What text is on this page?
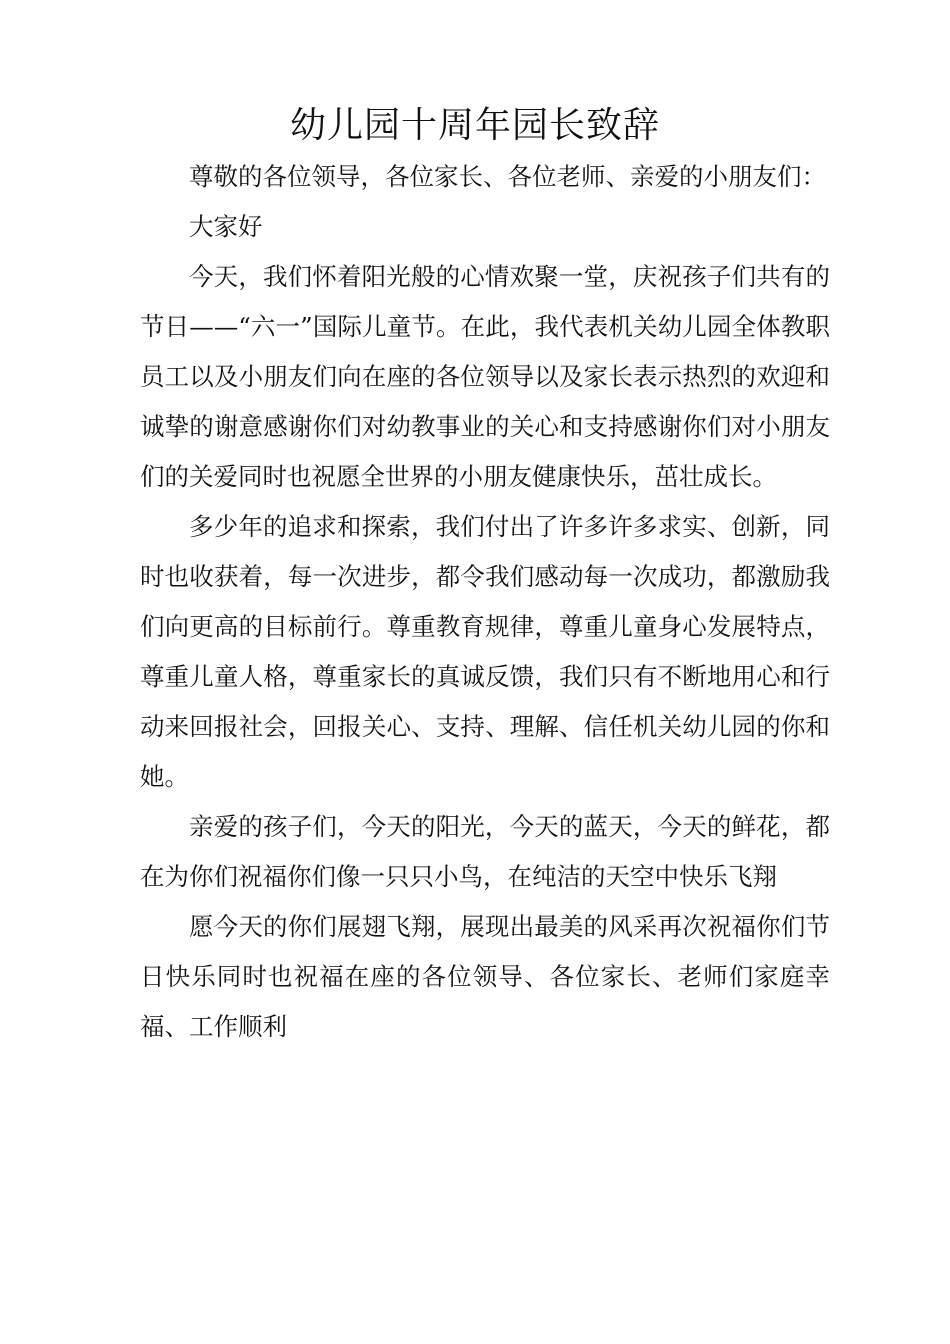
幼儿园十周年园长致辞

尊敬的各位领导，各位家长、各位老师、亲爱的小朋友们：

大家好

今天，我们怀着阳光般的心情欢聚一堂，庆祝孩子们共有的节日——“六一”国际儿童节。在此，我代表机关幼儿园全体教职员工以及小朋友们向在座的各位领导以及家长表示热烈的欢迎和诚挚的谢意感谢你们对幼教事业的关心和支持感谢你们对小朋友们的关爱同时也祝愿全世界的小朋友健康快乐，茁壮成长。

多少年的追求和探索，我们付出了许多许多求实、创新，同时也收获着，每一次进步，都令我们感动每一次成功，都激励我们向更高的目标前行。尊重教育规律，尊重儿童身心发展特点，尊重儿童人格，尊重家长的真诚反馈，我们只有不断地用心和行动来回报社会，回报关心、支持、理解、信任机关幼儿园的你和她。

亲爱的孩子们，今天的阳光，今天的蓝天，今天的鲜花，都在为你们祝福你们像一只只小鸟，在纯洁的天空中快乐飞翔

愿今天的你们展翅飞翔，展现出最美的风采再次祝福你们节日快乐同时也祝福在座的各位领导、各位家长、老师们家庭幸福、工作顺利
